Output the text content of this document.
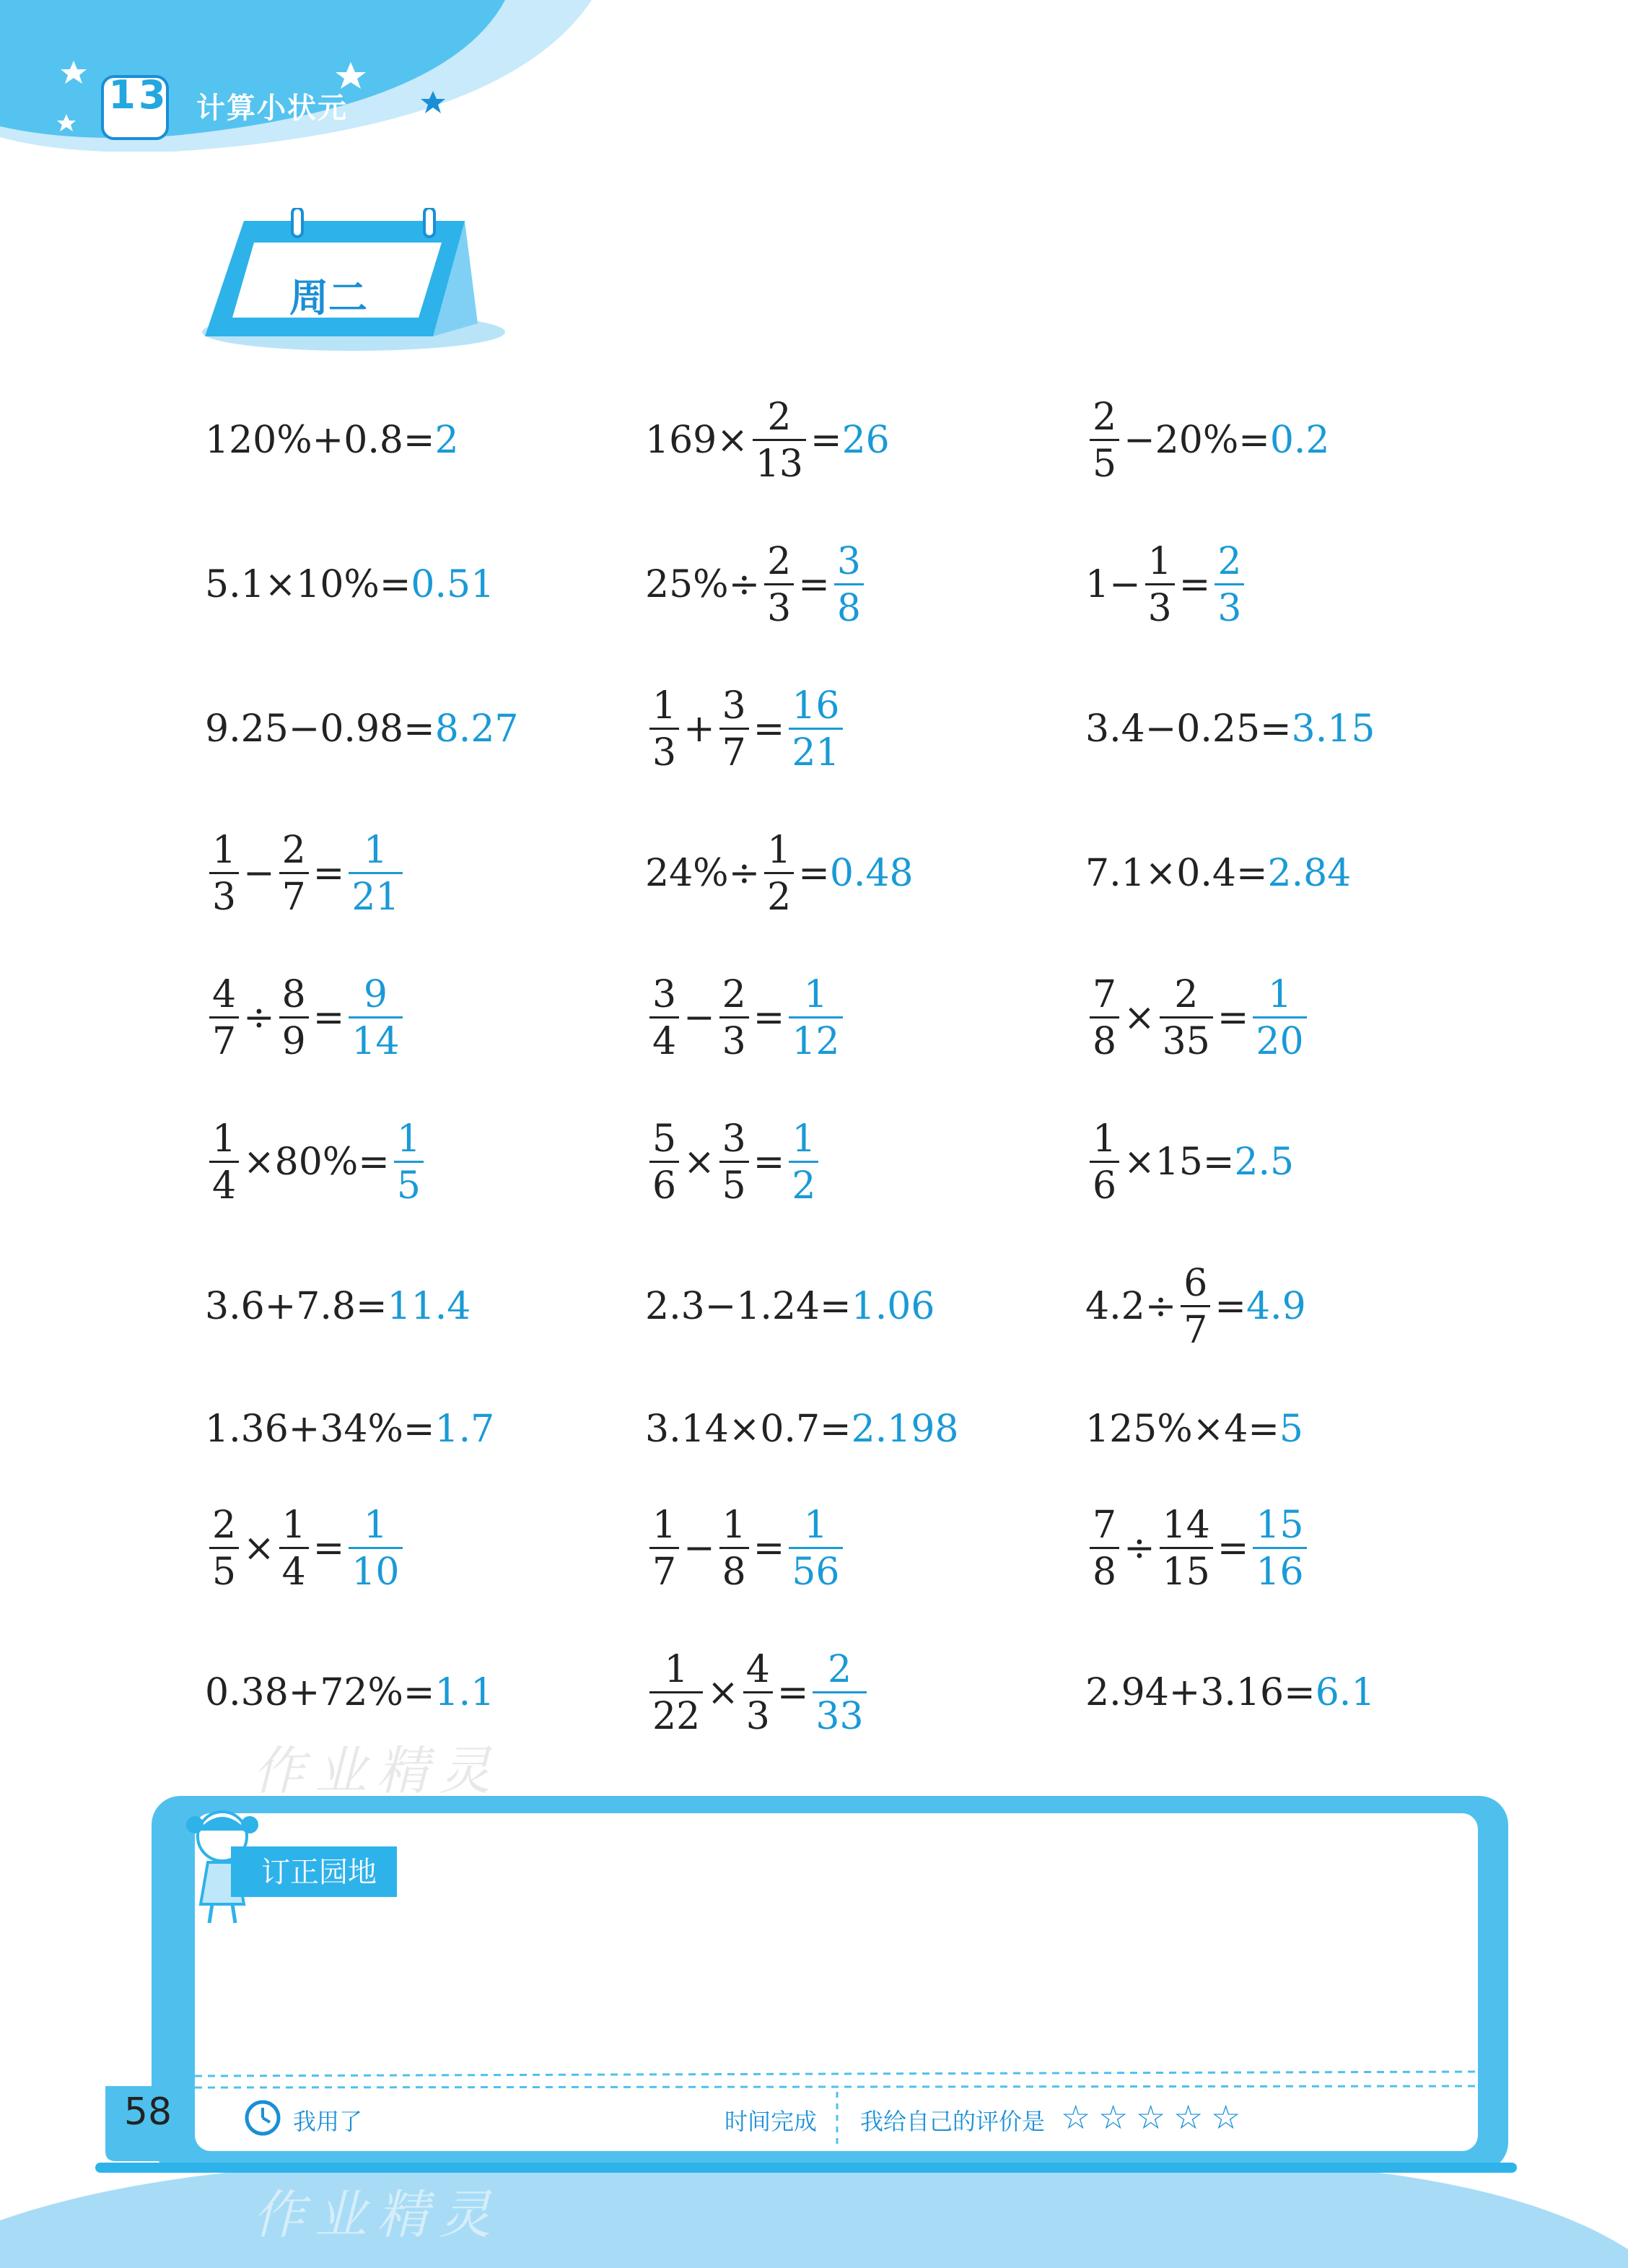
13 计算小状元
周二
120%+0.8= 2	$169\times \frac{2}{13} = 26$	$\frac{2}{5} -20\%= 0.2$
5.1×10%= 0.51	$25\%\div \frac{2}{3} = \frac{3}{8}$	$1- \frac{1}{3} = \frac{2}{3}$
9.25−0.98= 8.27	$\frac{1}{3} + \frac{3}{7} = \frac{16}{21}$	3.4−0.25= 3.15
$\frac{1}{3} - \frac{2}{7} = \frac{1}{21}$	$24\%\div \frac{1}{2} = 0.48$	7.1×0.4= 2.84
$\frac{4}{7} \div \frac{8}{9} = \frac{9}{14}$	$\frac{3}{4} - \frac{2}{3} = \frac{1}{12}$	$\frac{7}{8} \times \frac{2}{35} = \frac{1}{20}$
$\frac{1}{4} \times 80\%= \frac{1}{5}$	$\frac{5}{6} \times \frac{3}{5} = \frac{1}{2}$	$\frac{1}{6} \times 15= 2.5$
3.6+7.8= 11.4	2.3−1.24= 1.06	$4.2\div \frac{6}{7} = 4.9$
1.36+34%= 1.7	3.14×0.7= 2.198	125%×4= 5
$\frac{2}{5} \times \frac{1}{4} = \frac{1}{10}$	$\frac{1}{7} - \frac{1}{8} = \frac{1}{56}$	$\frac{7}{8} \div \frac{14}{15} = \frac{15}{16}$
0.38+72%= 1.1	$\frac{1}{22} \times \frac{4}{3} = \frac{2}{33}$	2.94+3.16= 6.1
订正园地
58	我用了	时间完成 我给自己的评价是 ☆ ☆ ☆ ☆ ☆
作业精灵
作业精灵
